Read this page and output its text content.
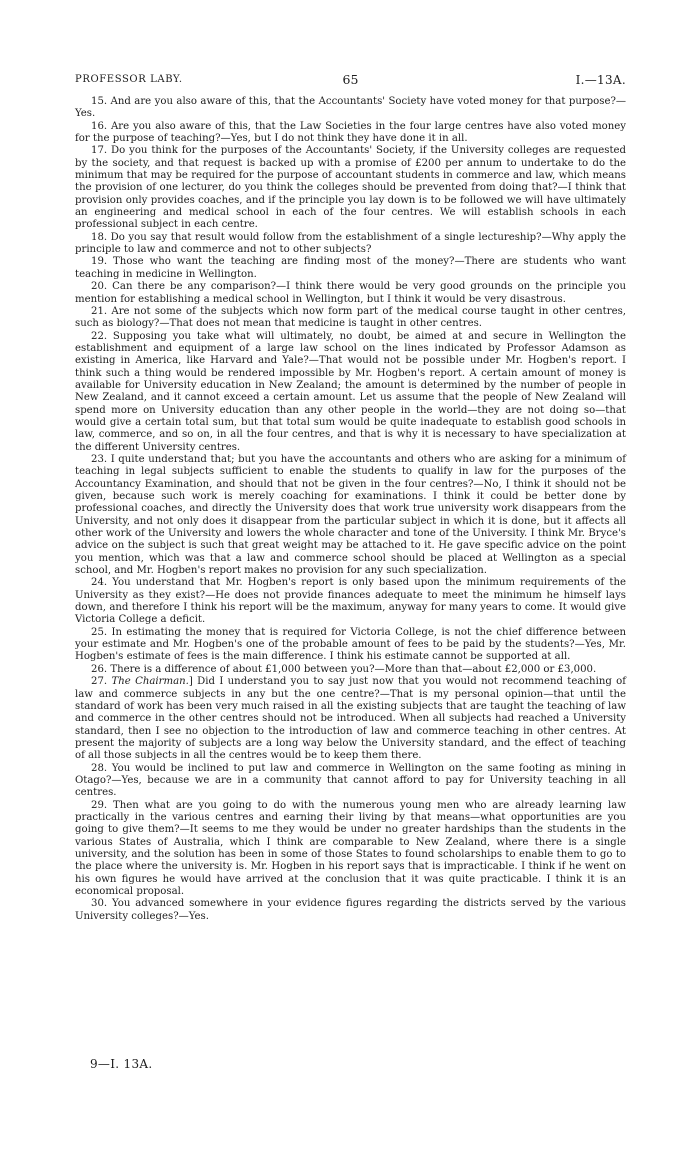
PROFESSOR LABY.	65	I.—13A.

15. And are you also aware of this, that the Accountants' Society have voted money for that purpose?—Yes.

16. Are you also aware of this, that the Law Societies in the four large centres have also voted money for the purpose of teaching?—Yes, but I do not think they have done it in all.

17. Do you think for the purposes of the Accountants' Society, if the University colleges are requested by the society, and that request is backed up with a promise of £200 per annum to undertake to do the minimum that may be required for the purpose of accountant students in commerce and law, which means the provision of one lecturer, do you think the colleges should be prevented from doing that?—I think that provision only provides coaches, and if the principle you lay down is to be followed we will have ultimately an engineering and medical school in each of the four centres. We will establish schools in each professional subject in each centre.

18. Do you say that result would follow from the establishment of a single lectureship?—Why apply the principle to law and commerce and not to other subjects?

19. Those who want the teaching are finding most of the money?—There are students who want teaching in medicine in Wellington.

20. Can there be any comparison?—I think there would be very good grounds on the principle you mention for establishing a medical school in Wellington, but I think it would be very disastrous.

21. Are not some of the subjects which now form part of the medical course taught in other centres, such as biology?—That does not mean that medicine is taught in other centres.

22. Supposing you take what will ultimately, no doubt, be aimed at and secure in Wellington the establishment and equipment of a large law school on the lines indicated by Professor Adamson as existing in America, like Harvard and Yale?—That would not be possible under Mr. Hogben's report. I think such a thing would be rendered impossible by Mr. Hogben's report. A certain amount of money is available for University education in New Zealand; the amount is determined by the number of people in New Zealand, and it cannot exceed a certain amount. Let us assume that the people of New Zealand will spend more on University education than any other people in the world—they are not doing so—that would give a certain total sum, but that total sum would be quite inadequate to establish good schools in law, commerce, and so on, in all the four centres, and that is why it is necessary to have specialization at the different University centres.

23. I quite understand that; but you have the accountants and others who are asking for a minimum of teaching in legal subjects sufficient to enable the students to qualify in law for the purposes of the Accountancy Examination, and should that not be given in the four centres?—No, I think it should not be given, because such work is merely coaching for examinations. I think it could be better done by professional coaches, and directly the University does that work true university work disappears from the University, and not only does it disappear from the particular subject in which it is done, but it affects all other work of the University and lowers the whole character and tone of the University. I think Mr. Bryce's advice on the subject is such that great weight may be attached to it. He gave specific advice on the point you mention, which was that a law and commerce school should be placed at Wellington as a special school, and Mr. Hogben's report makes no provision for any such specialization.

24. You understand that Mr. Hogben's report is only based upon the minimum requirements of the University as they exist?—He does not provide finances adequate to meet the minimum he himself lays down, and therefore I think his report will be the maximum, anyway for many years to come. It would give Victoria College a deficit.

25. In estimating the money that is required for Victoria College, is not the chief difference between your estimate and Mr. Hogben's one of the probable amount of fees to be paid by the students?—Yes, Mr. Hogben's estimate of fees is the main difference. I think his estimate cannot be supported at all.

26. There is a difference of about £1,000 between you?—More than that—about £2,000 or £3,000.

27. The Chairman.] Did I understand you to say just now that you would not recommend teaching of law and commerce subjects in any but the one centre?—That is my personal opinion—that until the standard of work has been very much raised in all the existing subjects that are taught the teaching of law and commerce in the other centres should not be introduced. When all subjects had reached a University standard, then I see no objection to the introduction of law and commerce teaching in other centres. At present the majority of subjects are a long way below the University standard, and the effect of teaching of all those subjects in all the centres would be to keep them there.

28. You would be inclined to put law and commerce in Wellington on the same footing as mining in Otago?—Yes, because we are in a community that cannot afford to pay for University teaching in all centres.

29. Then what are you going to do with the numerous young men who are already learning law practically in the various centres and earning their living by that means—what opportunities are you going to give them?—It seems to me they would be under no greater hardships than the students in the various States of Australia, which I think are comparable to New Zealand, where there is a single university, and the solution has been in some of those States to found scholarships to enable them to go to the place where the university is. Mr. Hogben in his report says that is impracticable. I think if he went on his own figures he would have arrived at the conclusion that it was quite practicable. I think it is an economical proposal.

30. You advanced somewhere in your evidence figures regarding the districts served by the various University colleges?—Yes.

9—I. 13A.
